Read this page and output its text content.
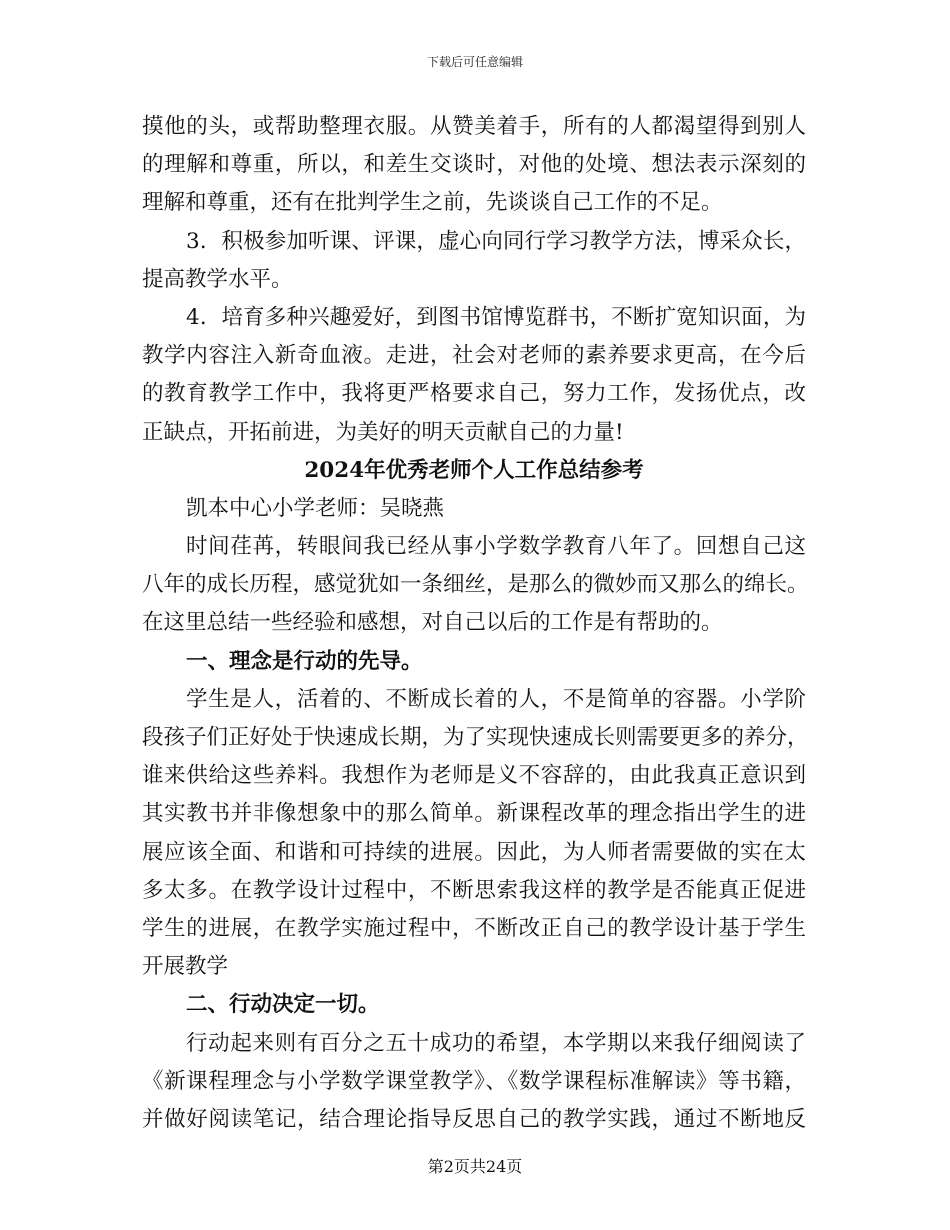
下载后可任意编辑
摸他的头，或帮助整理衣服。从赞美着手，所有的人都渴望得到别人
的理解和尊重，所以，和差生交谈时，对他的处境、想法表示深刻的
理解和尊重，还有在批判学生之前，先谈谈自己工作的不足。
3．积极参加听课、评课，虚心向同行学习教学方法，博采众长，
提高教学水平。
4．培育多种兴趣爱好，到图书馆博览群书，不断扩宽知识面，为
教学内容注入新奇血液。走进，社会对老师的素养要求更高，在今后
的教育教学工作中，我将更严格要求自己，努力工作，发扬优点，改
正缺点，开拓前进，为美好的明天贡献自己的力量!
2024年优秀老师个人工作总结参考
凯本中心小学老师：吴晓燕
时间荏苒，转眼间我已经从事小学数学教育八年了。回想自己这
八年的成长历程，感觉犹如一条细丝，是那么的微妙而又那么的绵长。
在这里总结一些经验和感想，对自己以后的工作是有帮助的。
一、理念是行动的先导。
学生是人，活着的、不断成长着的人，不是简单的容器。小学阶
段孩子们正好处于快速成长期，为了实现快速成长则需要更多的养分，
谁来供给这些养料。我想作为老师是义不容辞的，由此我真正意识到
其实教书并非像想象中的那么简单。新课程改革的理念指出学生的进
展应该全面、和谐和可持续的进展。因此，为人师者需要做的实在太
多太多。在教学设计过程中，不断思索我这样的教学是否能真正促进
学生的进展，在教学实施过程中，不断改正自己的教学设计基于学生
开展教学
二、行动决定一切。
行动起来则有百分之五十成功的希望，本学期以来我仔细阅读了
《新课程理念与小学数学课堂教学》、《数学课程标准解读》等书籍，
并做好阅读笔记，结合理论指导反思自己的教学实践，通过不断地反
第2页共24页
